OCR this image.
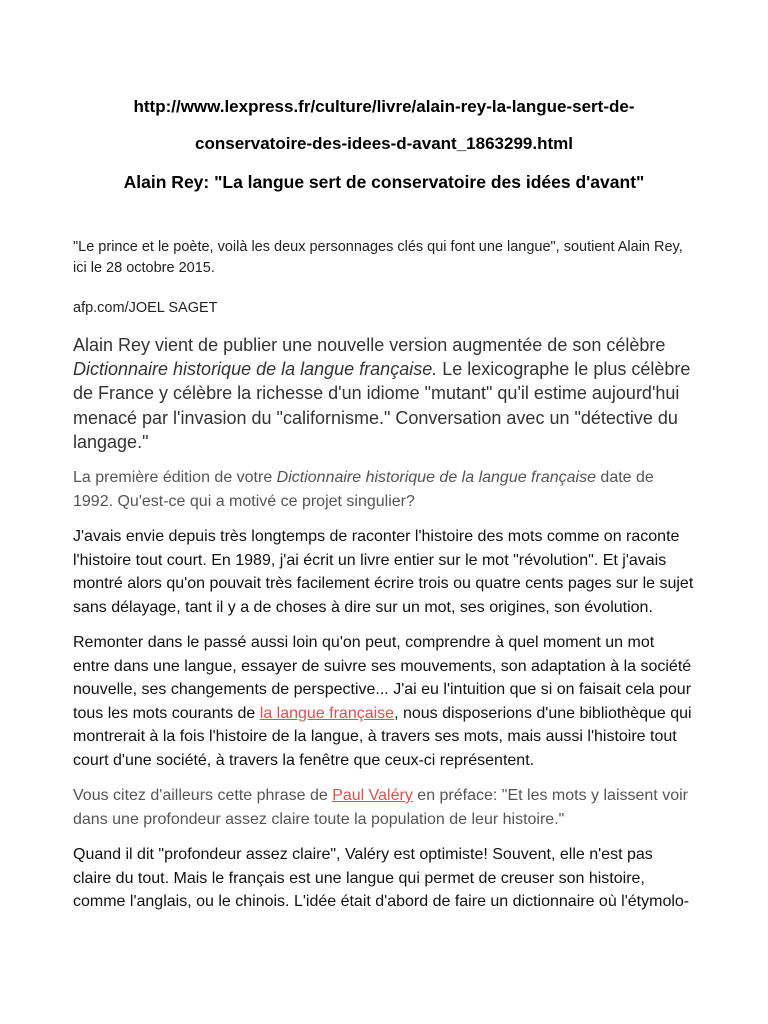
http://www.lexpress.fr/culture/livre/alain-rey-la-langue-sert-de-
conservatoire-des-idees-d-avant_1863299.html

Alain Rey: "La langue sert de conservatoire des idées d'avant"

"Le prince et le poète, voilà les deux personnages clés qui font une langue", soutient Alain Rey, ici le 28 octobre 2015.

afp.com/JOEL SAGET

Alain Rey vient de publier une nouvelle version augmentée de son célèbre Dictionnaire historique de la langue française. Le lexicographe le plus célèbre de France y célèbre la richesse d'un idiome "mutant" qu'il estime aujourd'hui menacé par l'invasion du "californisme." Conversation avec un "détective du langage."

La première édition de votre Dictionnaire historique de la langue française date de 1992. Qu'est-ce qui a motivé ce projet singulier?

J'avais envie depuis très longtemps de raconter l'histoire des mots comme on raconte l'histoire tout court. En 1989, j'ai écrit un livre entier sur le mot "révolution". Et j'avais montré alors qu'on pouvait très facilement écrire trois ou quatre cents pages sur le sujet sans délayage, tant il y a de choses à dire sur un mot, ses origines, son évolution.

Remonter dans le passé aussi loin qu'on peut, comprendre à quel moment un mot entre dans une langue, essayer de suivre ses mouvements, son adaptation à la société nouvelle, ses changements de perspective... J'ai eu l'intuition que si on faisait cela pour tous les mots courants de la langue française, nous disposerions d'une bibliothèque qui montrerait à la fois l'histoire de la langue, à travers ses mots, mais aussi l'histoire tout court d'une société, à travers la fenêtre que ceux-ci représentent.

Vous citez d'ailleurs cette phrase de Paul Valéry en préface: "Et les mots y laissent voir dans une profondeur assez claire toute la population de leur histoire."

Quand il dit "profondeur assez claire", Valéry est optimiste! Souvent, elle n'est pas claire du tout. Mais le français est une langue qui permet de creuser son histoire, comme l'anglais, ou le chinois. L'idée était d'abord de faire un dictionnaire où l'étymolo-
